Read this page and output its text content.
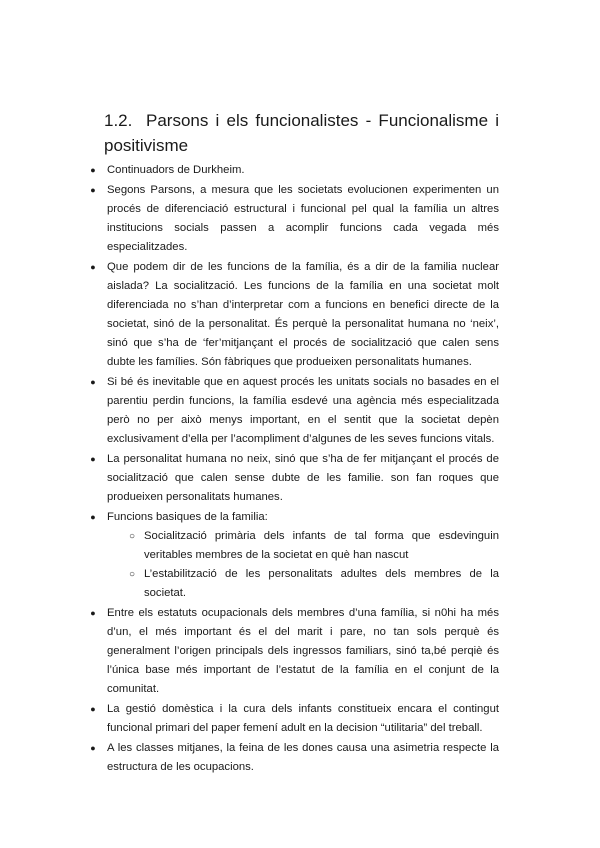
1.2. Parsons i els funcionalistes - Funcionalisme i positivisme
● Continuadors de Durkheim.
● Segons Parsons, a mesura que les societats evolucionen experimenten un procés de diferenciació estructural i funcional pel qual la família un altres institucions socials passen a acomplir funcions cada vegada més especialitzades.
● Que podem dir de les funcions de la família, és a dir de la familia nuclear aislada? La socialització. Les funcions de la família en una societat molt diferenciada no s’han d’interpretar com a funcions en benefici directe de la societat, sinó de la personalitat. És perquè la personalitat humana no ‘neix’, sinó que s’ha de ‘fer’mitjançant el procés de socialització que calen sens dubte les famílies. Són fàbriques que produeixen personalitats humanes.
● Si bé és inevitable que en aquest procés les unitats socials no basades en el parentiu perdin funcions, la família esdevé una agència més especialitzada però no per això menys important, en el sentit que la societat depèn exclusivament d’ella per l’acompliment d’algunes de les seves funcions vitals.
● La personalitat humana no neix, sinó que s’ha de fer mitjançant el procés de socialització que calen sense dubte de les familie. son fan roques que produeixen personalitats humanes.
● Funcions basiques de la familia:
○ Socialització primària dels infants de tal forma que esdevinguin veritables membres de la societat en què han nascut
○ L’estabilització de les personalitats adultes dels membres de la societat.
● Entre els estatuts ocupacionals dels membres d’una família, si n0hi ha més d’un, el més important és el del marit i pare, no tan sols perquè és generalment l’origen principals dels ingressos familiars, sinó ta,bé perqiè és l’única base més important de l’estatut de la família en el conjunt de la comunitat.
● La gestió domèstica i la cura dels infants constitueix encara el contingut funcional primari del paper femení adult en la decision “utilitaria” del treball.
● A les classes mitjanes, la feina de les dones causa una asimetria respecte la estructura de les ocupacions.
